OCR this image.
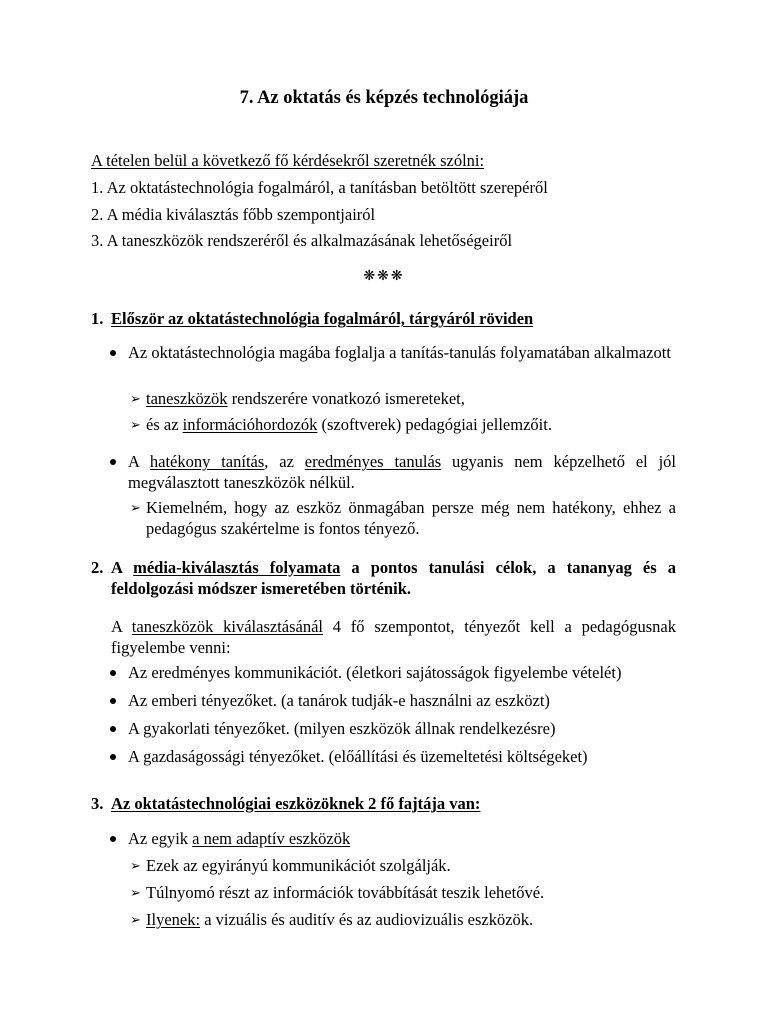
7. Az oktatás és képzés technológiája
A tételen belül a következő fő kérdésekről szeretnék szólni:
1. Az oktatástechnológia fogalmáról, a tanításban betöltött szerepéről
2. A média kiválasztás főbb szempontjairól
3. A taneszközök rendszeréről és alkalmazásának lehetőségeiről
❋❋❋
1. Először az oktatástechnológia fogalmáról, tárgyáról röviden
Az oktatástechnológia magába foglalja a tanítás-tanulás folyamatában alkalmazott
➢ taneszközök rendszerére vonatkozó ismereteket,
➢ és az információhordozók (szoftverek) pedagógiai jellemzőit.
A hatékony tanítás, az eredményes tanulás ugyanis nem képzelhető el jól megválasztott taneszközök nélkül.
➢ Kiemelném, hogy az eszköz önmagában persze még nem hatékony, ehhez a pedagógus szakértelme is fontos tényező.
2. A média-kiválasztás folyamata a pontos tanulási célok, a tananyag és a feldolgozási módszer ismeretében történik.
A taneszközök kiválasztásánál 4 fő szempontot, tényezőt kell a pedagógusnak figyelembe venni:
Az eredményes kommunikációt. (életkori sajátosságok figyelembe vételét)
Az emberi tényezőket. (a tanárok tudják-e használni az eszközt)
A gyakorlati tényezőket. (milyen eszközök állnak rendelkezésre)
A gazdaságossági tényezőket. (előállítási és üzemeltetési költségeket)
3. Az oktatástechnológiai eszközöknek 2 fő fajtája van:
Az egyik a nem adaptív eszközök
➢ Ezek az egyirányú kommunikációt szolgálják.
➢ Túlnyomó részt az információk továbbítását teszik lehetővé.
➢ Ilyenek: a vizuális és auditív és az audiovizuális eszközök.
